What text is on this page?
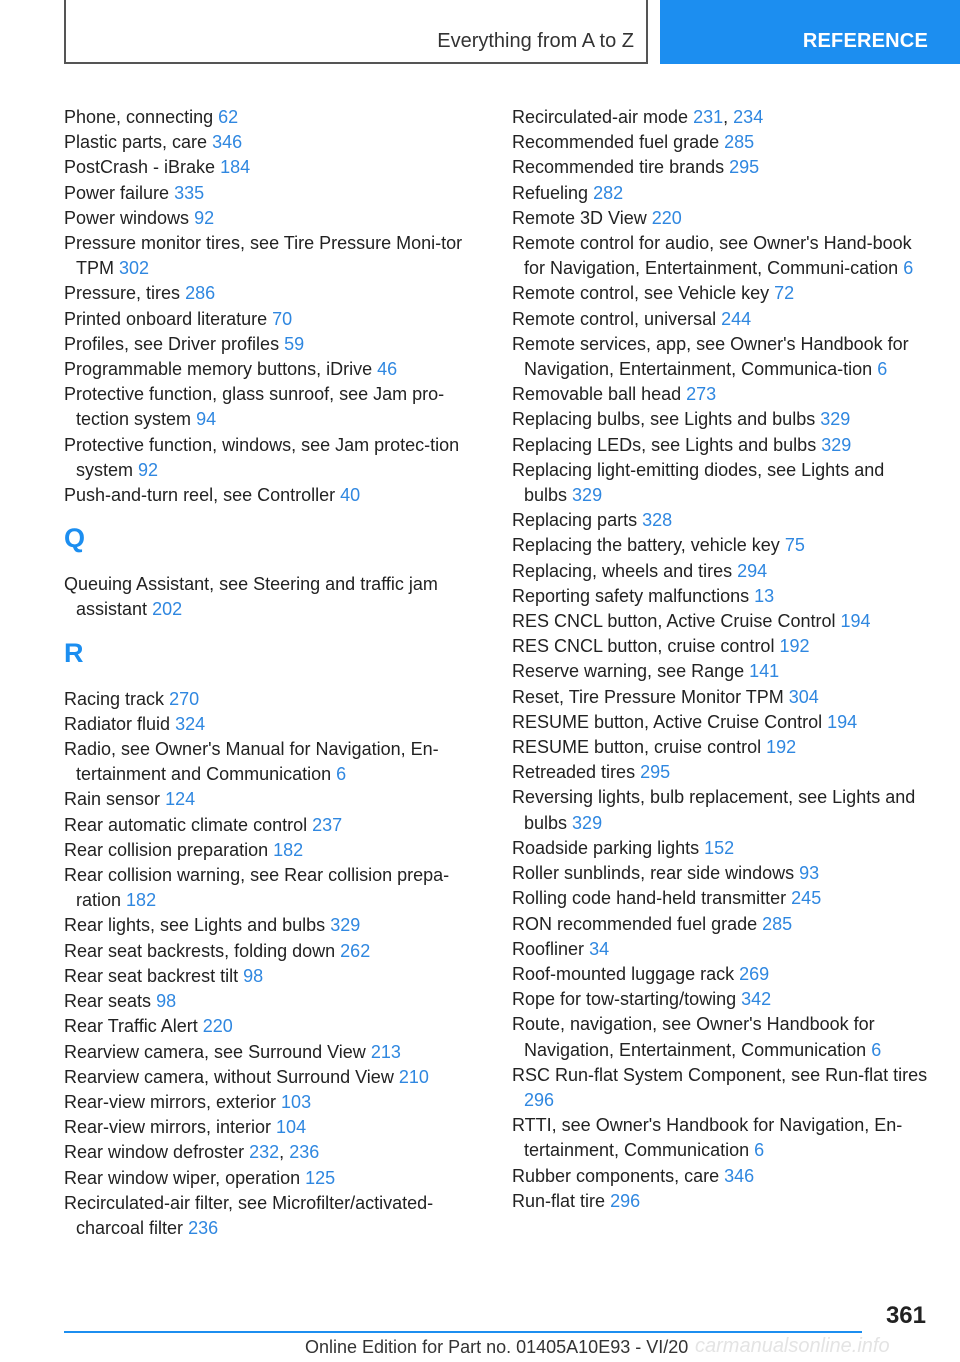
Everything from A to Z	REFERENCE
Phone, connecting 62
Plastic parts, care 346
PostCrash - iBrake 184
Power failure 335
Power windows 92
Pressure monitor tires, see Tire Pressure Moni-tor TPM 302
Pressure, tires 286
Printed onboard literature 70
Profiles, see Driver profiles 59
Programmable memory buttons, iDrive 46
Protective function, glass sunroof, see Jam pro-tection system 94
Protective function, windows, see Jam protec-tion system 92
Push-and-turn reel, see Controller 40
Q
Queuing Assistant, see Steering and traffic jam assistant 202
R
Racing track 270
Radiator fluid 324
Radio, see Owner's Manual for Navigation, En-tertainment and Communication 6
Rain sensor 124
Rear automatic climate control 237
Rear collision preparation 182
Rear collision warning, see Rear collision prepa-ration 182
Rear lights, see Lights and bulbs 329
Rear seat backrests, folding down 262
Rear seat backrest tilt 98
Rear seats 98
Rear Traffic Alert 220
Rearview camera, see Surround View 213
Rearview camera, without Surround View 210
Rear-view mirrors, exterior 103
Rear-view mirrors, interior 104
Rear window defroster 232, 236
Rear window wiper, operation 125
Recirculated-air filter, see Microfilter/activated-charcoal filter 236
Recirculated-air mode 231, 234
Recommended fuel grade 285
Recommended tire brands 295
Refueling 282
Remote 3D View 220
Remote control for audio, see Owner's Hand-book for Navigation, Entertainment, Communi-cation 6
Remote control, see Vehicle key 72
Remote control, universal 244
Remote services, app, see Owner's Handbook for Navigation, Entertainment, Communica-tion 6
Removable ball head 273
Replacing bulbs, see Lights and bulbs 329
Replacing LEDs, see Lights and bulbs 329
Replacing light-emitting diodes, see Lights and bulbs 329
Replacing parts 328
Replacing the battery, vehicle key 75
Replacing, wheels and tires 294
Reporting safety malfunctions 13
RES CNCL button, Active Cruise Control 194
RES CNCL button, cruise control 192
Reserve warning, see Range 141
Reset, Tire Pressure Monitor TPM 304
RESUME button, Active Cruise Control 194
RESUME button, cruise control 192
Retreaded tires 295
Reversing lights, bulb replacement, see Lights and bulbs 329
Roadside parking lights 152
Roller sunblinds, rear side windows 93
Rolling code hand-held transmitter 245
RON recommended fuel grade 285
Roofliner 34
Roof-mounted luggage rack 269
Rope for tow-starting/towing 342
Route, navigation, see Owner's Handbook for Navigation, Entertainment, Communication 6
RSC Run-flat System Component, see Run-flat tires 296
RTTI, see Owner's Handbook for Navigation, En-tertainment, Communication 6
Rubber components, care 346
Run-flat tire 296
361
Online Edition for Part no. 01405A10E93 - VI/20 carmanualsonline.info
